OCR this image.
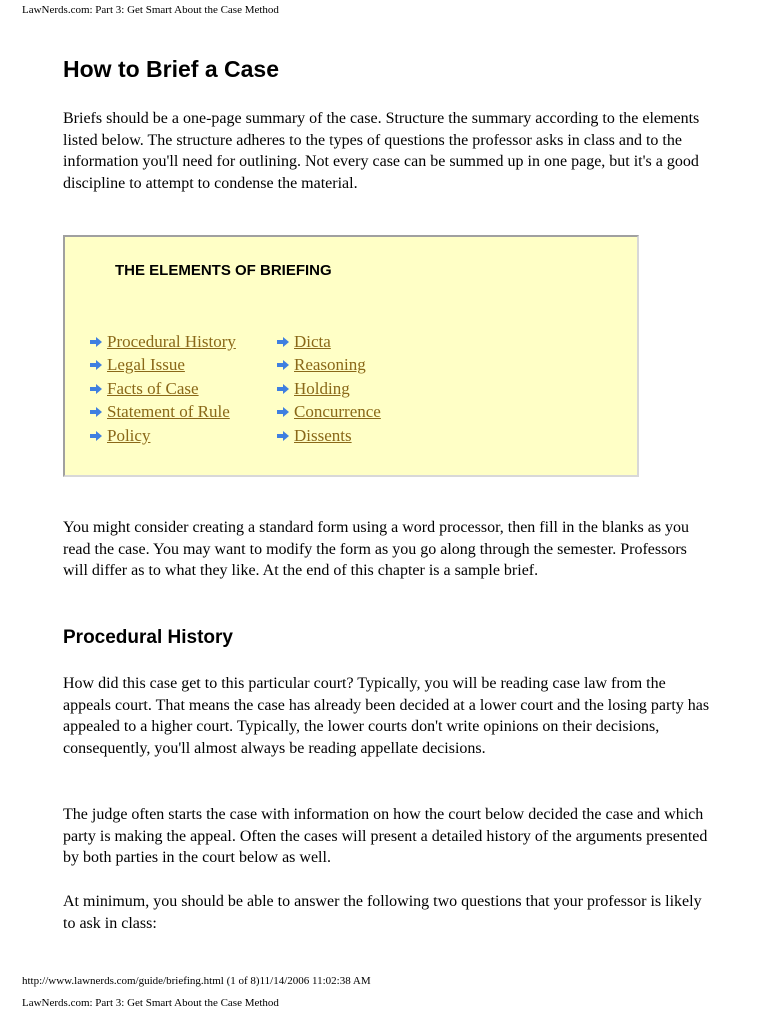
LawNerds.com: Part 3: Get Smart About the Case Method
How to Brief a Case

Briefs should be a one-page summary of the case. Structure the summary according to the elements listed below. The structure adheres to the types of questions the professor asks in class and to the information you'll need for outlining. Not every case can be summed up in one page, but it's a good discipline to attempt to condense the material.

THE ELEMENTS OF BRIEFING
Procedural History
Legal Issue
Facts of Case
Statement of Rule
Policy
Dicta
Reasoning
Holding
Concurrence
Dissents

You might consider creating a standard form using a word processor, then fill in the blanks as you read the case. You may want to modify the form as you go along through the semester. Professors will differ as to what they like. At the end of this chapter is a sample brief.

Procedural History

How did this case get to this particular court? Typically, you will be reading case law from the appeals court. That means the case has already been decided at a lower court and the losing party has appealed to a higher court. Typically, the lower courts don't write opinions on their decisions, consequently, you'll almost always be reading appellate decisions.

The judge often starts the case with information on how the court below decided the case and which party is making the appeal. Often the cases will present a detailed history of the arguments presented by both parties in the court below as well.

At minimum, you should be able to answer the following two questions that your professor is likely to ask in class:

http://www.lawnerds.com/guide/briefing.html (1 of 8)11/14/2006 11:02:38 AM
LawNerds.com: Part 3: Get Smart About the Case Method
